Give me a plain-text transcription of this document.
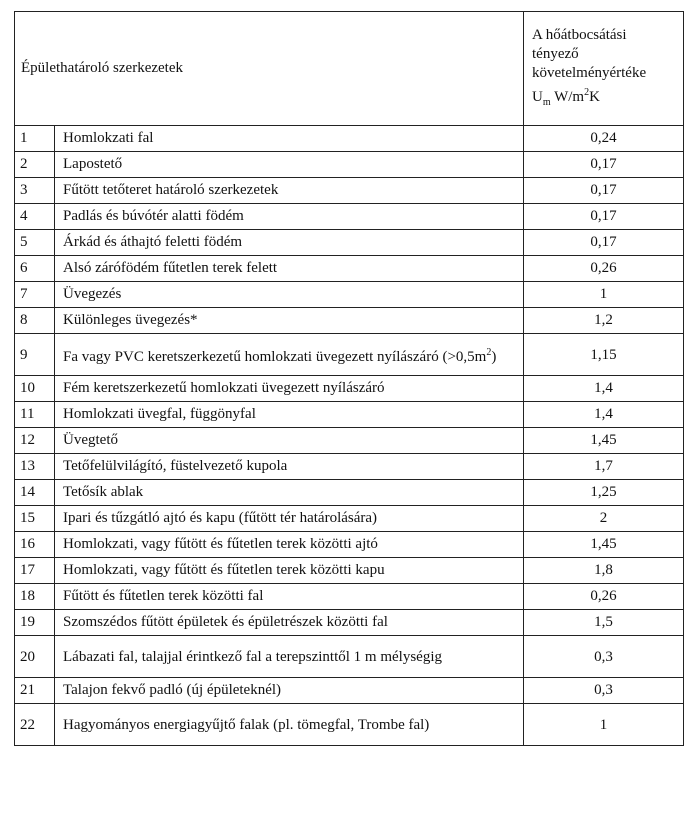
Épülethatároló szerkezetek		A hőátbocsátási
tényező
követelményértéke
$U_m$ $W/m^2K$
1	Homlokzati fal	0,24
2	Lapostető	0,17
3	Fűtött tetőteret határoló szerkezetek	0,17
4	Padlás és búvótér alatti födém	0,17
5	Árkád és áthajtó feletti födém	0,17
6	Alsó zárófödém fűtetlen terek felett	0,26
7	Üvegezés	1
8	Különleges üvegezés*	1,2
9	Fa vagy PVC keretszerkezetű homlokzati üvegezett nyílászáró $(>0,5m^2)$	1,15
10	Fém keretszerkezetű homlokzati üvegezett nyílászáró	1,4
11	Homlokzati üvegfal, függönyfal	1,4
12	Üvegtető	1,45
13	Tetőfelülvilágító, füstelvezető kupola	1,7
14	Tetősík ablak	1,25
15	Ipari és tűzgátló ajtó és kapu (fűtött tér határolására)	2
16	Homlokzati, vagy fűtött és fűtetlen terek közötti ajtó	1,45
17	Homlokzati, vagy fűtött és fűtetlen terek közötti kapu	1,8
18	Fűtött és fűtetlen terek közötti fal	0,26
19	Szomszédos fűtött épületek és épületrészek közötti fal	1,5
20	Lábazati fal, talajjal érintkező fal a terepszinttől 1 m mélységig	0,3
21	Talajon fekvő padló (új épületeknél)	0,3
22	Hagyományos energiagyűjtő falak (pl. tömegfal, Trombe fal)	1
